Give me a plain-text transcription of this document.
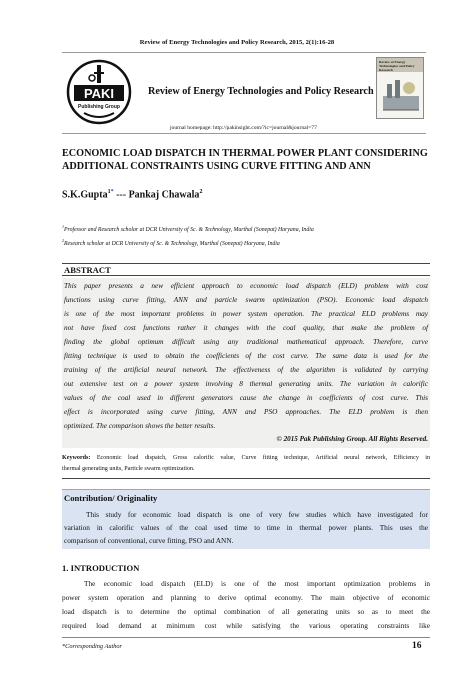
Review of Energy Technologies and Policy Research, 2015, 2(1):16-28
PAKI
Publishing Group
Review of Energy Technologies and Policy Research
Review of Energy Technologies and Policy Research
journal homepage: http://pakinsight.com/?ic=journal&journal=77
ECONOMIC LOAD DISPATCH IN THERMAL POWER PLANT CONSIDERING
ADDITIONAL CONSTRAINTS USING CURVE FITTING AND ANN
S.K.Gupta$^{1*}$ --- Pankaj Chawala$^2$
$^1$Professor and Research scholar at DCR University of Sc. & Technology, Murthal (Sonepat) Haryana, India
$^2$Research scholar at DCR University of Sc. & Technology, Murthal (Sonepat) Haryana, India
ABSTRACT
This paper presents a new efficient approach to economic load dispatch (ELD) problem with cost
functions using curve fitting, ANN and particle swarm optimization (PSO). Economic load dispatch
is one of the most important problems in power system operation. The practical ELD problems may
not have fixed cost functions rather it changes with the coal quality, that make the problem of
finding the global optimum difficult using any traditional mathematical approach. Therefore, curve
fitting technique is used to obtain the coefficients of the cost curve. The same data is used for the
training of the artificial neural network. The effectiveness of the algorithm is validated by carrying
out extensive test on a power system involving 8 thermal generating units. The variation in calorific
values of the coal used in different generators cause the change in coefficients of cost curve. This
effect is incorporated using curve fitting, ANN and PSO approaches. The ELD problem is then
optimized. The comparison shows the better results.
© 2015 Pak Publishing Group. All Rights Reserved.
Keywords: Economic load dispatch, Gross calorific value, Curve fitting technique, Artificial neural network, Efficiency in
thermal generating units, Particle swarm optimization.
Contribution/ Originality
This study for economic load dispatch is one of very few studies which have investigated for
variation in calorific values of the coal used time to time in thermal power plants. This uses the
comparison of conventional, curve fitting, PSO and ANN.
1. INTRODUCTION
The economic load dispatch (ELD) is one of the most important optimization problems in
power system operation and planning to derive optimal economy. The main objective of economic
load dispatch is to determine the optimal combination of all generating units so as to meet the
required load demand at minimum cost while satisfying the various operating constraints like
*Corresponding Author	16
